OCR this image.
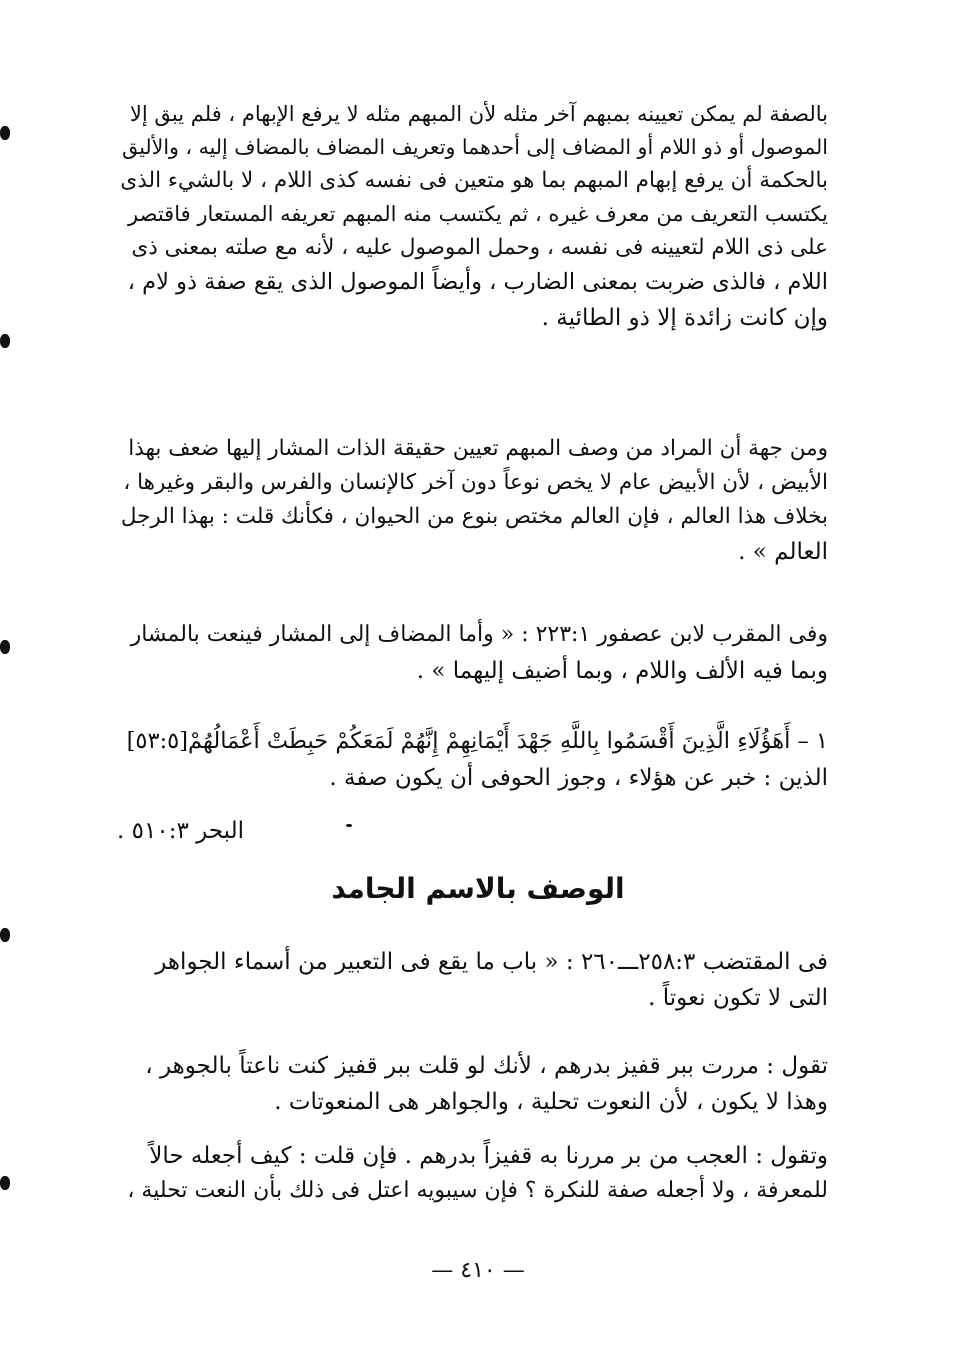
بالصفة لم يمكن تعيينه بمبهم آخر مثله لأن المبهم مثله لا يرفع الإبهام ، فلم يبق إلا
الموصول أو ذو اللام أو المضاف إلى أحدهما وتعريف المضاف بالمضاف إليه ، والأليق
بالحكمة أن يرفع إبهام المبهم بما هو متعين فى نفسه كذى اللام ، لا بالشيء الذى
يكتسب التعريف من معرف غيره ، ثم يكتسب منه المبهم تعريفه المستعار فاقتصر
على ذى اللام لتعيينه فى نفسه ، وحمل الموصول عليه ، لأنه مع صلته بمعنى ذى
اللام ، فالذى ضربت بمعنى الضارب ، وأيضاً الموصول الذى يقع صفة ذو لام ،
وإن كانت زائدة إلا ذو الطائية .
ومن جهة أن المراد من وصف المبهم تعيين حقيقة الذات المشار إليها ضعف بهذا
الأبيض ، لأن الأبيض عام لا يخص نوعاً دون آخر كالإنسان والفرس والبقر وغيرها ،
بخلاف هذا العالم ، فإن العالم مختص بنوع من الحيوان ، فكأنك قلت : بهذا الرجل
العالم » .
وفى المقرب لابن عصفور ٢٢٣:١ : « وأما المضاف إلى المشار فينعت بالمشار
وبما فيه الألف واللام ، وبما أضيف إليهما » .
١ – أَهَؤُلَاءِ الَّذِينَ أَقْسَمُوا بِاللَّهِ جَهْدَ أَيْمَانِهِمْ إِنَّهُمْ لَمَعَكُمْ حَبِطَتْ أَعْمَالُهُمْ[٥٣:٥]
الذين : خبر عن هؤلاء ، وجوز الحوفى أن يكون صفة .
البحر ٥١٠:٣ .
الوصف بالاسم الجامد
فى المقتضب ٢٥٨:٣ـــ٢٦٠ : « باب ما يقع فى التعبير من أسماء الجواهر
التى لا تكون نعوتاً .
تقول : مررت ببر قفيز بدرهم ، لأنك لو قلت ببر قفيز كنت ناعتاً بالجوهر ،
وهذا لا يكون ، لأن النعوت تحلية ، والجواهر هى المنعوتات .
وتقول : العجب من بر مررنا به قفيزاً بدرهم . فإن قلت : كيف أجعله حالاً
للمعرفة ، ولا أجعله صفة للنكرة ؟ فإن سيبويه اعتل فى ذلك بأن النعت تحلية ،
— ٤١٠ —
